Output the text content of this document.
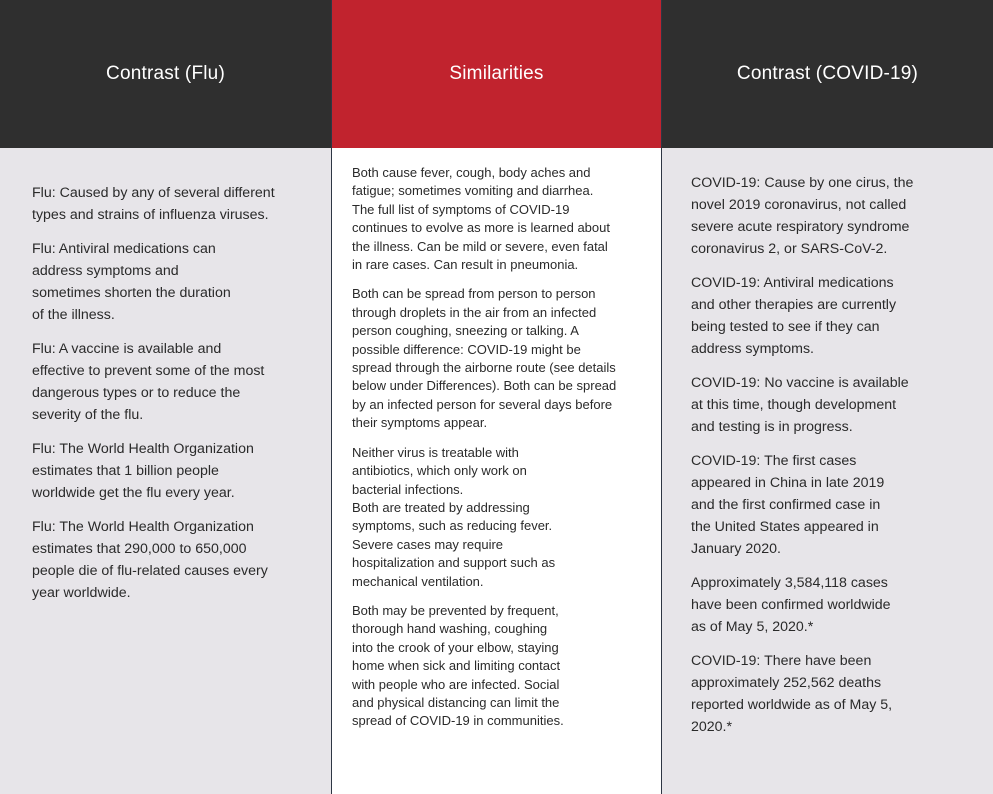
Contrast (Flu)

Flu: Caused by any of several different
types and strains of influenza viruses.

Flu: Antiviral medications can
address symptoms and
sometimes shorten the duration
of the illness.

Flu: A vaccine is available and
effective to prevent some of the most
dangerous types or to reduce the
severity of the flu.

Flu: The World Health Organization
estimates that 1 billion people
worldwide get the flu every year.

Flu: The World Health Organization
estimates that 290,000 to 650,000
people die of flu-related causes every
year worldwide.

Similarities

Both cause fever, cough, body aches and
fatigue; sometimes vomiting and diarrhea.
The full list of symptoms of COVID-19
continues to evolve as more is learned about
the illness. Can be mild or severe, even fatal
in rare cases. Can result in pneumonia.

Both can be spread from person to person
through droplets in the air from an infected
person coughing, sneezing or talking. A
possible difference: COVID-19 might be
spread through the airborne route (see details
below under Differences). Both can be spread
by an infected person for several days before
their symptoms appear.

Neither virus is treatable with
antibiotics, which only work on
bacterial infections.
Both are treated by addressing
symptoms, such as reducing fever.
Severe cases may require
hospitalization and support such as
mechanical ventilation.

Both may be prevented by frequent,
thorough hand washing, coughing
into the crook of your elbow, staying
home when sick and limiting contact
with people who are infected. Social
and physical distancing can limit the
spread of COVID-19 in communities.

Contrast (COVID-19)

COVID-19: Cause by one cirus, the
novel 2019 coronavirus, not called
severe acute respiratory syndrome
coronavirus 2, or SARS-CoV-2.

COVID-19: Antiviral medications
and other therapies are currently
being tested to see if they can
address symptoms.

COVID-19: No vaccine is available
at this time, though development
and testing is in progress.

COVID-19: The first cases
appeared in China in late 2019
and the first confirmed case in
the United States appeared in
January 2020.

Approximately 3,584,118 cases
have been confirmed worldwide
as of May 5, 2020.*

COVID-19: There have been
approximately 252,562 deaths
reported worldwide as of May 5,
2020.*
